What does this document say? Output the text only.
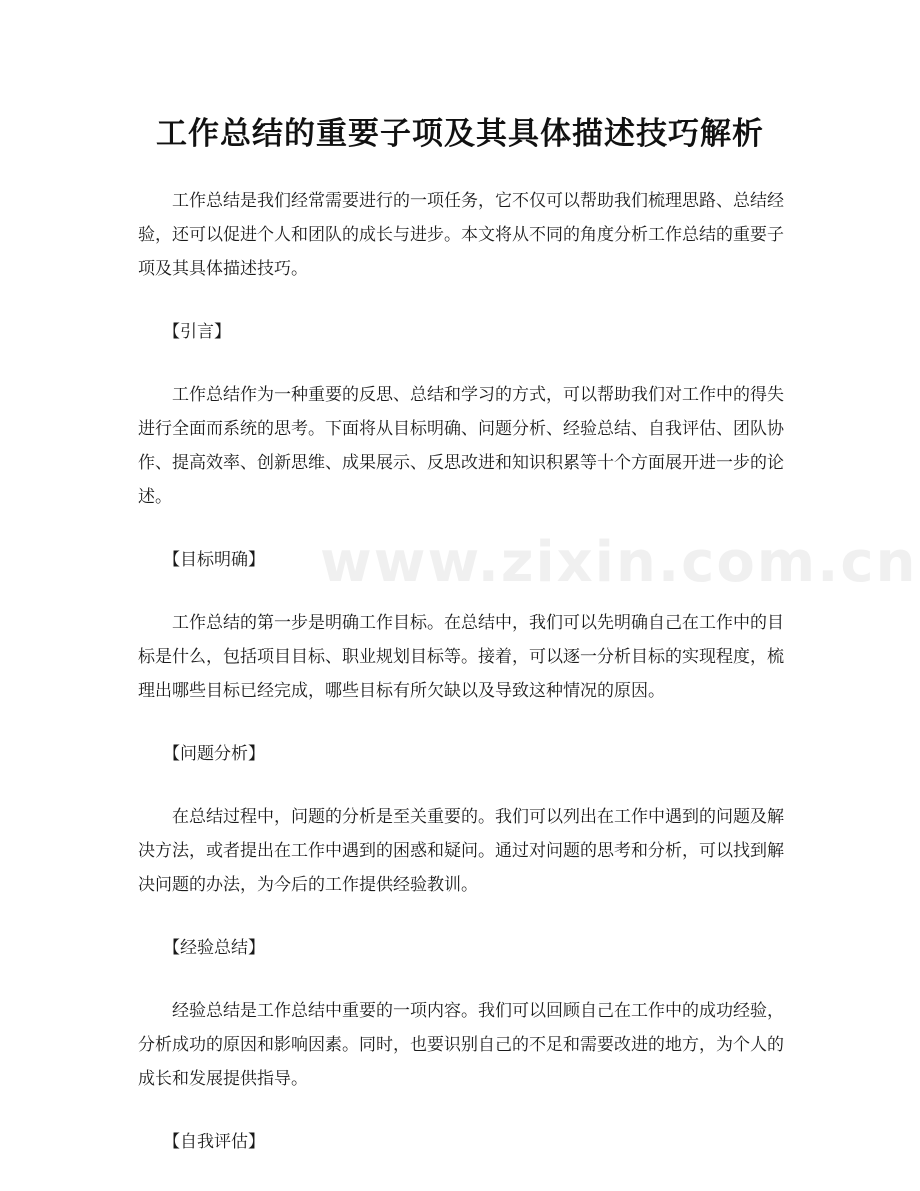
工作总结的重要子项及其具体描述技巧解析
www.zixin.com.cn

工作总结是我们经常需要进行的一项任务，它不仅可以帮助我们梳理思路、总结经验，还可以促进个人和团队的成长与进步。本文将从不同的角度分析工作总结的重要子项及其具体描述技巧。

【引言】

工作总结作为一种重要的反思、总结和学习的方式，可以帮助我们对工作中的得失进行全面而系统的思考。下面将从目标明确、问题分析、经验总结、自我评估、团队协作、提高效率、创新思维、成果展示、反思改进和知识积累等十个方面展开进一步的论述。

【目标明确】

工作总结的第一步是明确工作目标。在总结中，我们可以先明确自己在工作中的目标是什么，包括项目目标、职业规划目标等。接着，可以逐一分析目标的实现程度，梳理出哪些目标已经完成，哪些目标有所欠缺以及导致这种情况的原因。

【问题分析】

在总结过程中，问题的分析是至关重要的。我们可以列出在工作中遇到的问题及解决方法，或者提出在工作中遇到的困惑和疑问。通过对问题的思考和分析，可以找到解决问题的办法，为今后的工作提供经验教训。

【经验总结】

经验总结是工作总结中重要的一项内容。我们可以回顾自己在工作中的成功经验，分析成功的原因和影响因素。同时，也要识别自己的不足和需要改进的地方，为个人的成长和发展提供指导。

【自我评估】
